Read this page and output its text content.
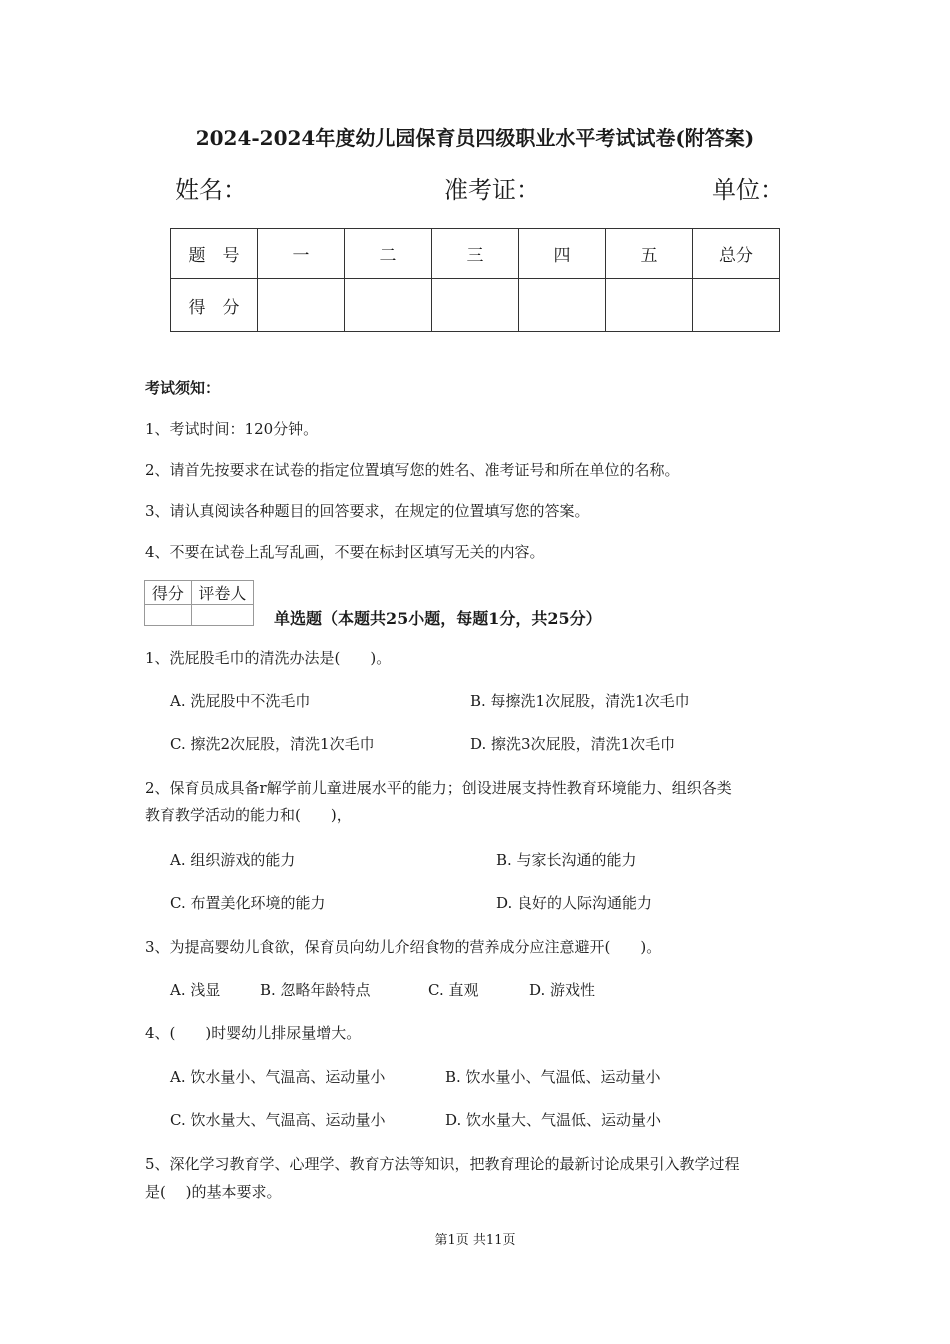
2024-2024年度幼儿园保育员四级职业水平考试试卷(附答案)
姓名：	准考证：	单位：
题　号	一	二	三	四	五	总分
得　分						
考试须知：
1、考试时间：120分钟。
2、请首先按要求在试卷的指定位置填写您的姓名、准考证号和所在单位的名称。
3、请认真阅读各种题目的回答要求，在规定的位置填写您的答案。
4、不要在试卷上乱写乱画，不要在标封区填写无关的内容。
得分	评卷人

单选题（本题共25小题，每题1分，共25分）
1、洗屁股毛巾的清洗办法是(　　)。
A. 洗屁股中不洗毛巾	B. 每擦洗1次屁股，清洗1次毛巾
C. 擦洗2次屁股，清洗1次毛巾	D. 擦洗3次屁股，清洗1次毛巾
2、保育员成具备r解学前儿童进展水平的能力；创设进展支持性教育环境能力、组织各类
教育教学活动的能力和(　　)，
A. 组织游戏的能力	B. 与家长沟通的能力
C. 布置美化环境的能力	D. 良好的人际沟通能力
3、为提高婴幼儿食欲，保育员向幼儿介绍食物的营养成分应注意避开(　　)。
A. 浅显	B. 忽略年龄特点	C. 直观	D. 游戏性
4、(　　)时婴幼儿排尿量增大。
A. 饮水量小、气温高、运动量小	B. 饮水量小、气温低、运动量小
C. 饮水量大、气温高、运动量小	D. 饮水量大、气温低、运动量小
5、深化学习教育学、心理学、教育方法等知识，把教育理论的最新讨论成果引入教学过程
是(　 )的基本要求。
第1页 共11页
